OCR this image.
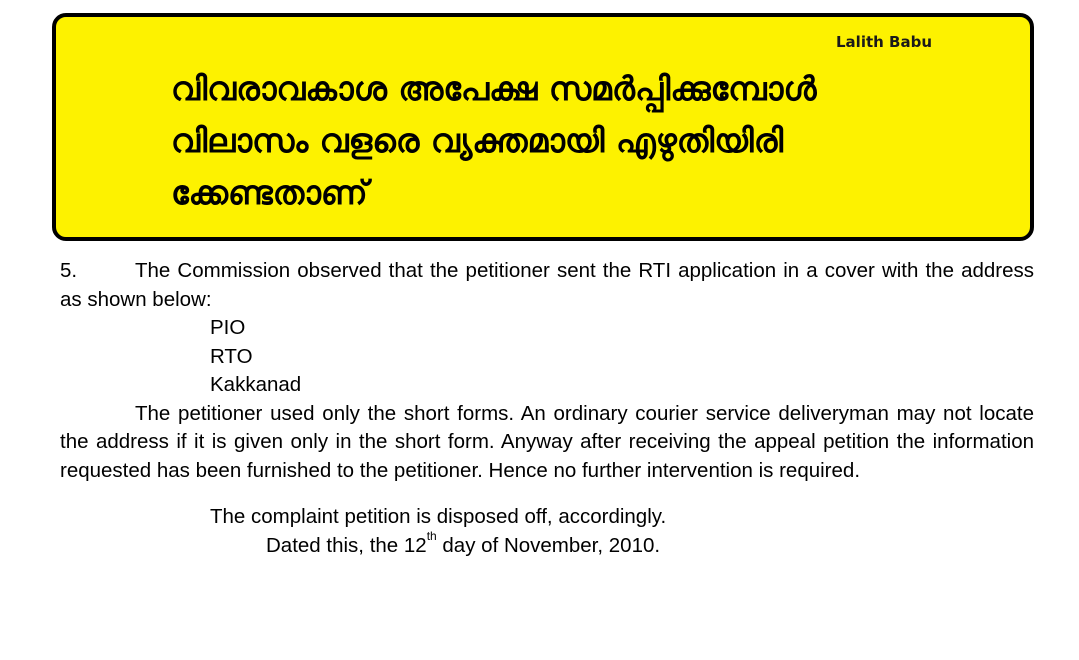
Lalith Babu
വിവരാവകാശ അപേക്ഷ സമർപ്പിക്കുമ്പോൾ
വിലാസം വളരെ വ്യക്തമായി എഴുതിയിരി
ക്കേണ്ടതാണ്

5.	The Commission observed that the petitioner sent the RTI application in a cover with the address as shown below:

PIO

RTO

Kakkanad

The petitioner used only the short forms. An ordinary courier service deliveryman may not locate the address if it is given only in the short form. Anyway after receiving the appeal petition the information requested has been furnished to the petitioner. Hence no further intervention is required.

The complaint petition is disposed off, accordingly.

Dated this, the 12th day of November, 2010.
